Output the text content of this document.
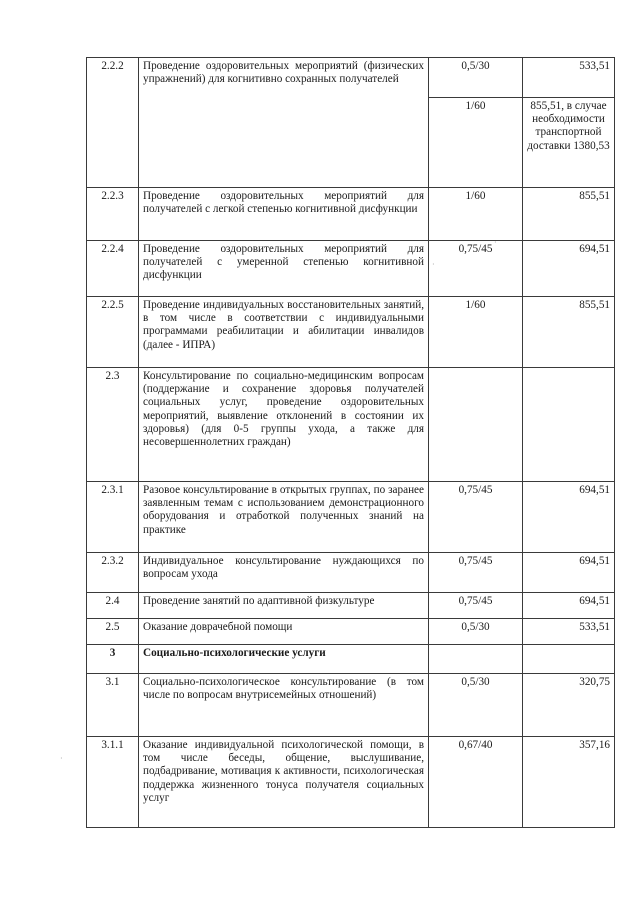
2.2.2	Проведение оздоровительных мероприятий (физических упражнений) для когнитивно сохранных получателей	0,5/30	533,51
		1/60	855,51, в случае необходимости транспортной доставки 1380,53
2.2.3	Проведение оздоровительных мероприятий для получателей с легкой степенью когнитивной дисфункции	1/60	855,51
2.2.4	Проведение оздоровительных мероприятий для получателей с умеренной степенью когнитивной дисфункции	0,75/45	694,51
2.2.5	Проведение индивидуальных восстановительных занятий, в том числе в соответствии с индивидуальными программами реабилитации и абилитации инвалидов (далее - ИПРА)	1/60	855,51
2.3	Консультирование по социально-медицинским вопросам (поддержание и сохранение здоровья получателей социальных услуг, проведение оздоровительных мероприятий, выявление отклонений в состоянии их здоровья) (для 0-5 группы ухода, а также для несовершеннолетних граждан)		
2.3.1	Разовое консультирование в открытых группах, по заранее заявленным темам с использованием демонстрационного оборудования и отработкой полученных знаний на практике	0,75/45	694,51
2.3.2	Индивидуальное консультирование нуждающихся по вопросам ухода	0,75/45	694,51
2.4	Проведение занятий по адаптивной физкультуре	0,75/45	694,51
2.5	Оказание доврачебной помощи	0,5/30	533,51
3	Социально-психологические услуги		
3.1	Социально-психологическое консультирование (в том числе по вопросам внутрисемейных отношений)	0,5/30	320,75
3.1.1	Оказание индивидуальной психологической помощи, в том числе беседы, общение, выслушивание, подбадривание, мотивация к активности, психологическая поддержка жизненного тонуса получателя социальных услуг	0,67/40	357,16
·
·
·
